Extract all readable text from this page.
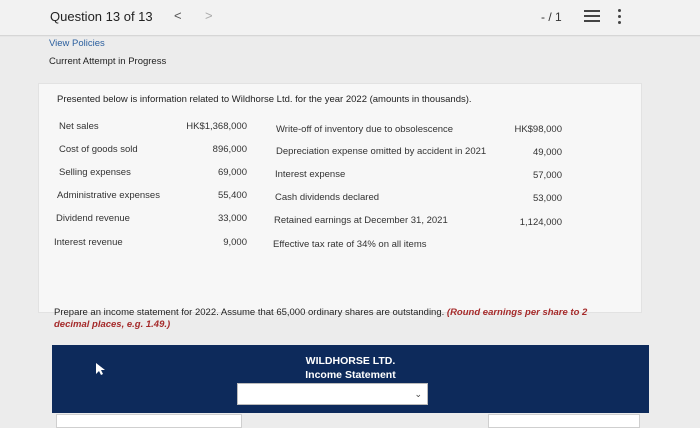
Question 13 of 13 < >	- / 1
View Policies
Current Attempt in Progress
Presented below is information related to Wildhorse Ltd. for the year 2022 (amounts in thousands).
Net sales	HK$1,368,000
Cost of goods sold	896,000
Selling expenses	69,000
Administrative expenses	55,400
Dividend revenue	33,000
Interest revenue	9,000
Write-off of inventory due to obsolescence	HK$98,000
Depreciation expense omitted by accident in 2021	49,000
Interest expense	57,000
Cash dividends declared	53,000
Retained earnings at December 31, 2021	1,124,000
Effective tax rate of 34% on all items
Prepare an income statement for 2022. Assume that 65,000 ordinary shares are outstanding. (Round earnings per share to 2 decimal places, e.g. 1.49.)
WILDHORSE LTD.
Income Statement
⌄
